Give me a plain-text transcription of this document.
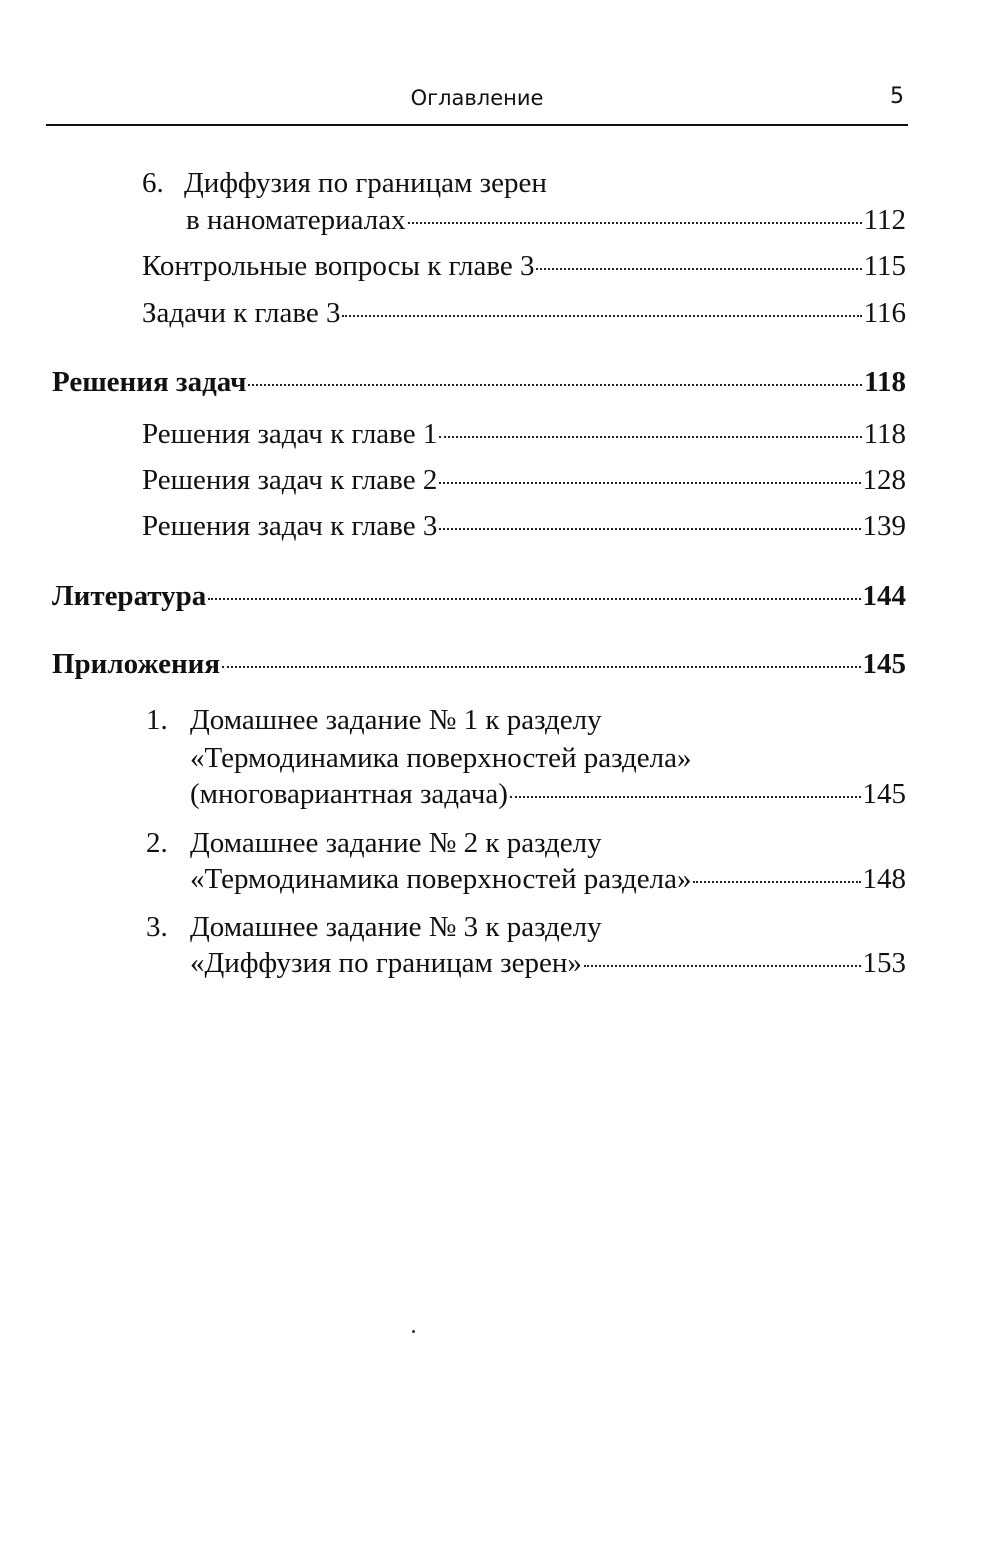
Оглавление	5
6. Диффузия по границам зерен
в наноматериалах	112
Контрольные вопросы к главе 3	115
Задачи к главе 3	116
Решения задач	118
Решения задач к главе 1	118
Решения задач к главе 2	128
Решения задач к главе 3	139
Литература	144
Приложения	145
1. Домашнее задание № 1 к разделу
«Термодинамика поверхностей раздела»
(многовариантная задача)	145
2. Домашнее задание № 2 к разделу
«Термодинамика поверхностей раздела»	148
3. Домашнее задание № 3 к разделу
«Диффузия по границам зерен»	153
